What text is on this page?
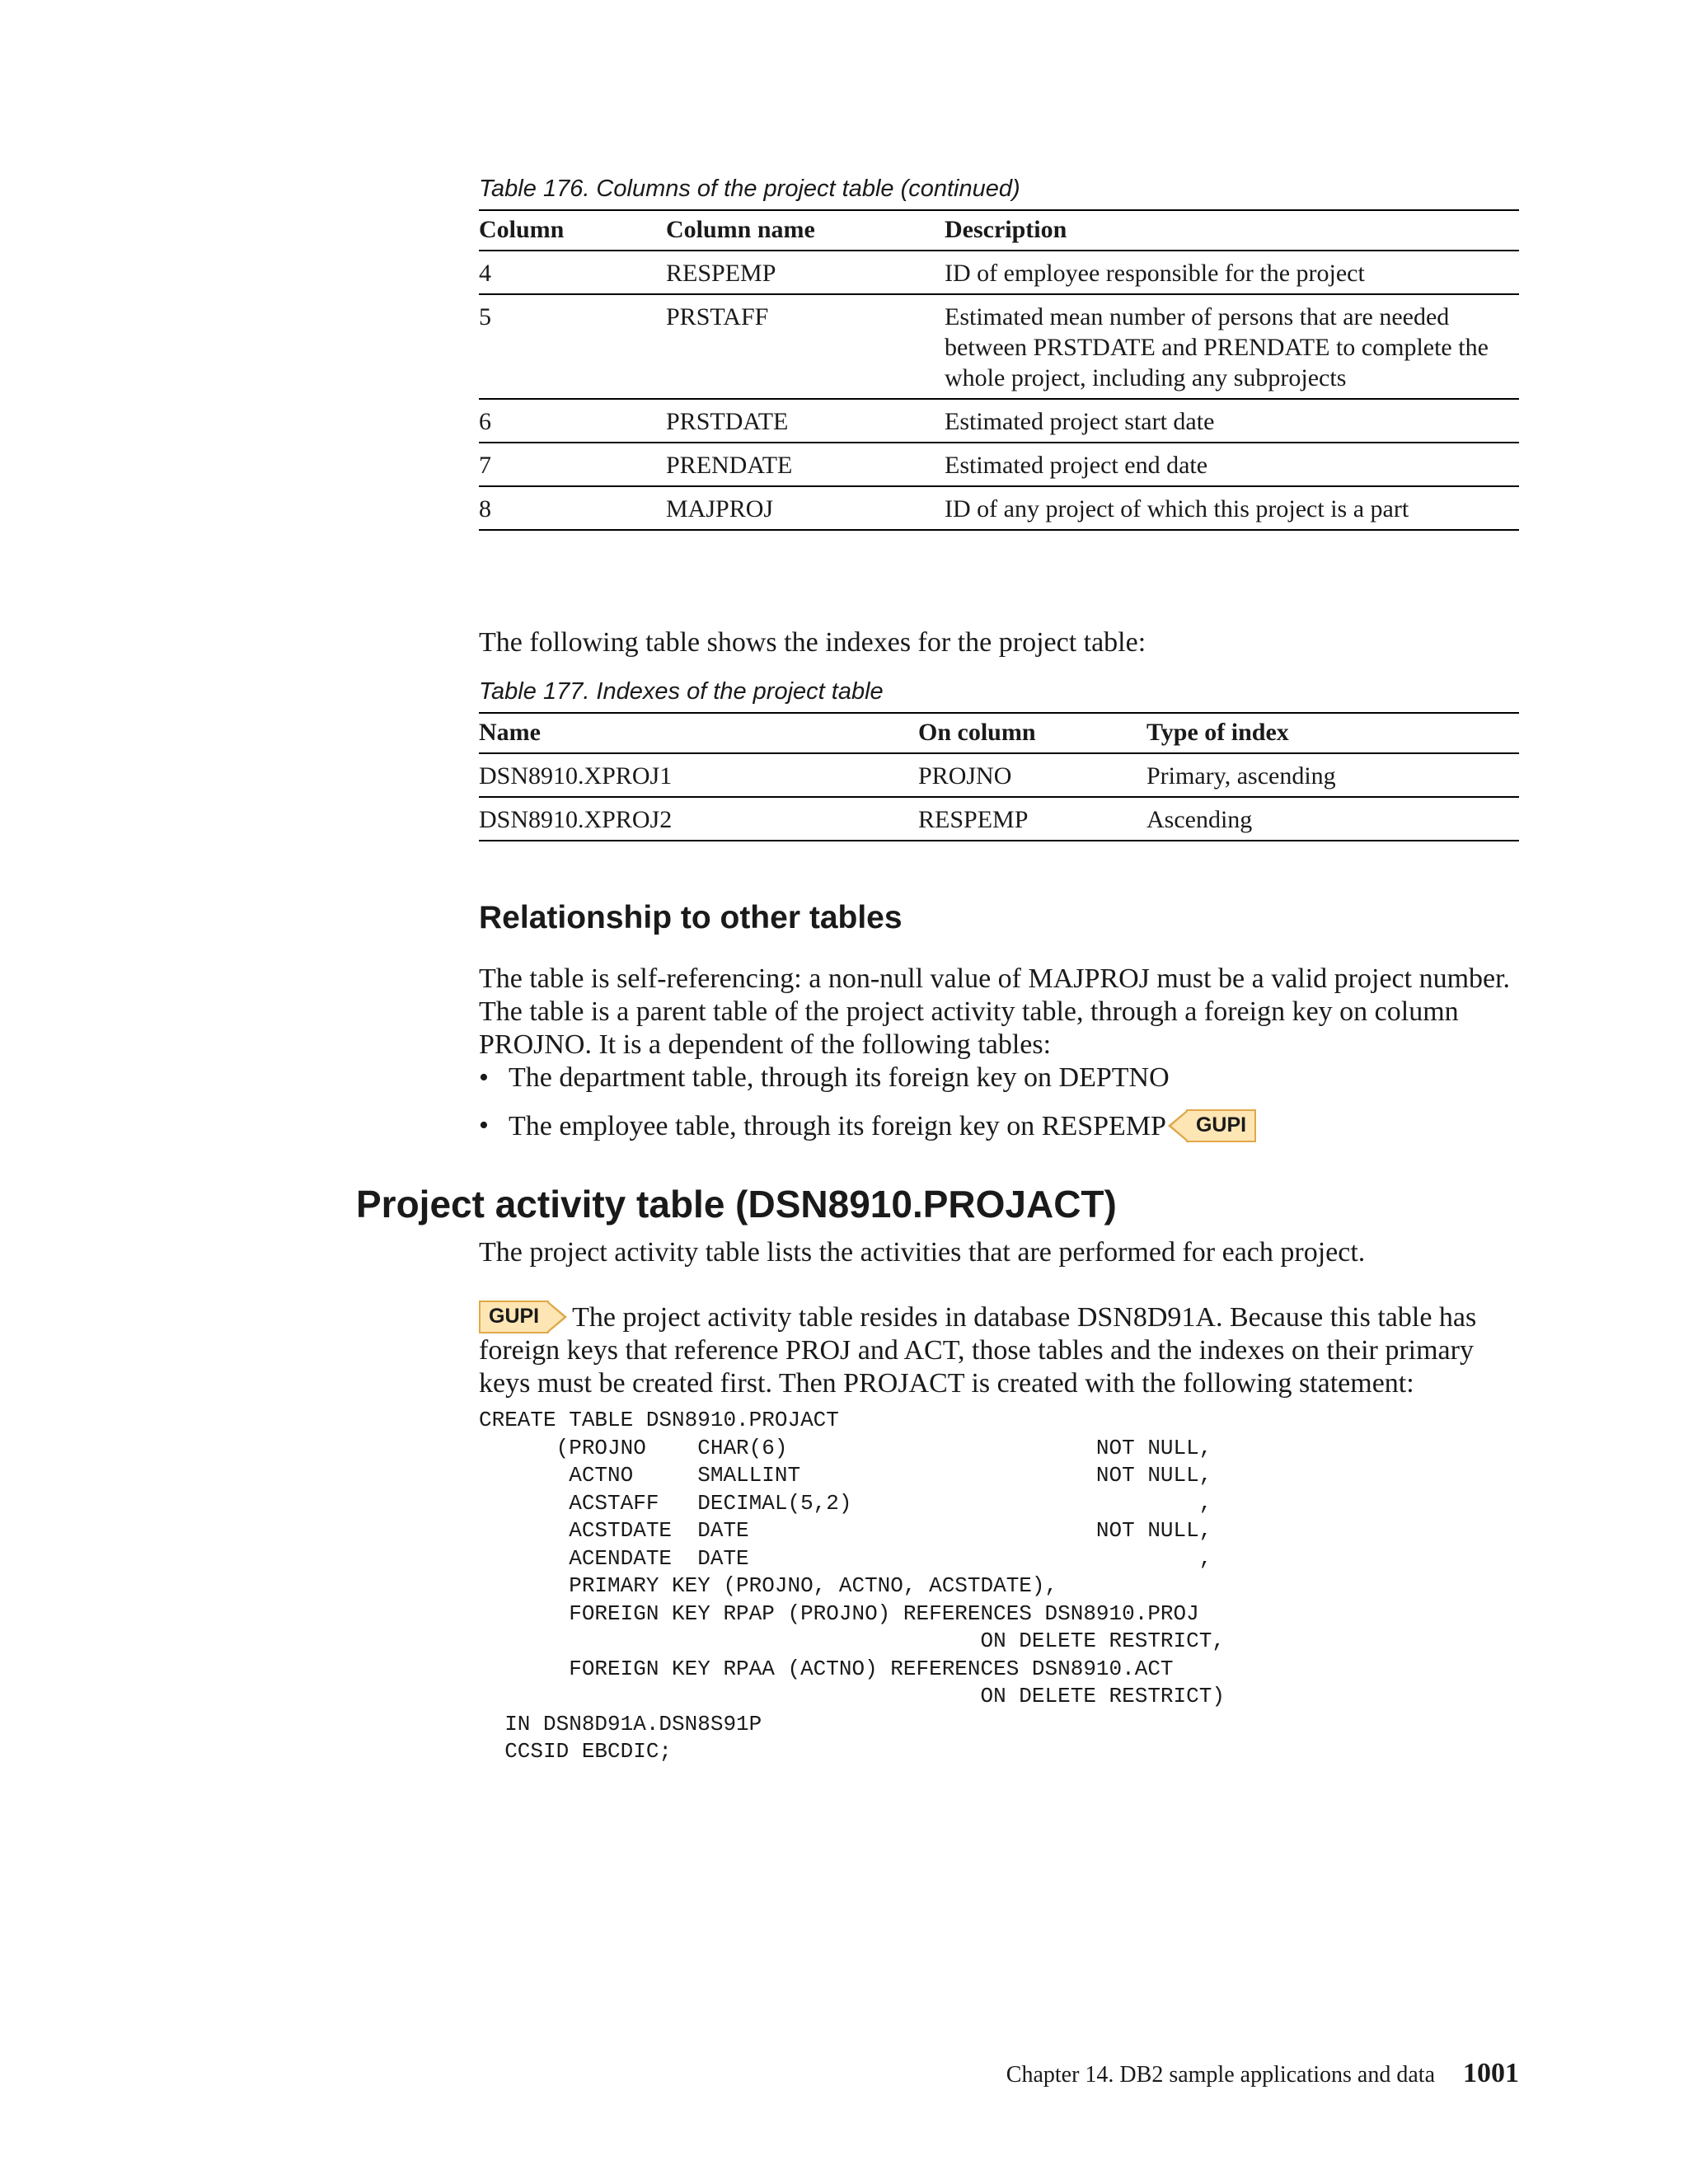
Table 176. Columns of the project table (continued)

Column	Column name	Description
4	RESPEMP	ID of employee responsible for the project
5	PRSTAFF	Estimated mean number of persons that are needed between PRSTDATE and PRENDATE to complete the whole project, including any subprojects
6	PRSTDATE	Estimated project start date
7	PRENDATE	Estimated project end date
8	MAJPROJ	ID of any project of which this project is a part

The following table shows the indexes for the project table:

Table 177. Indexes of the project table

Name	On column	Type of index
DSN8910.XPROJ1	PROJNO	Primary, ascending
DSN8910.XPROJ2	RESPEMP	Ascending
Relationship to other tables

The table is self-referencing: a non-null value of MAJPROJ must be a valid project number. The table is a parent table of the project activity table, through a foreign key on column PROJNO. It is a dependent of the following tables:

• The department table, through its foreign key on DEPTNO
• The employee table, through its foreign key on RESPEMP GUPI
Project activity table (DSN8910.PROJACT)

The project activity table lists the activities that are performed for each project.

GUPI The project activity table resides in database DSN8D91A. Because this table has foreign keys that reference PROJ and ACT, those tables and the indexes on their primary keys must be created first. Then PROJACT is created with the following statement:

CREATE TABLE DSN8910.PROJACT
(PROJNO    CHAR(6)                        NOT NULL,
ACTNO     SMALLINT                       NOT NULL,
ACSTAFF   DECIMAL(5,2)                           ,
ACSTDATE  DATE                           NOT NULL,
ACENDATE  DATE                                   ,
PRIMARY KEY (PROJNO, ACTNO, ACSTDATE),
FOREIGN KEY RPAP (PROJNO) REFERENCES DSN8910.PROJ
ON DELETE RESTRICT,
FOREIGN KEY RPAA (ACTNO) REFERENCES DSN8910.ACT
ON DELETE RESTRICT)
IN DSN8D91A.DSN8S91P
CCSID EBCDIC;
Chapter 14. DB2 sample applications and data 1001
